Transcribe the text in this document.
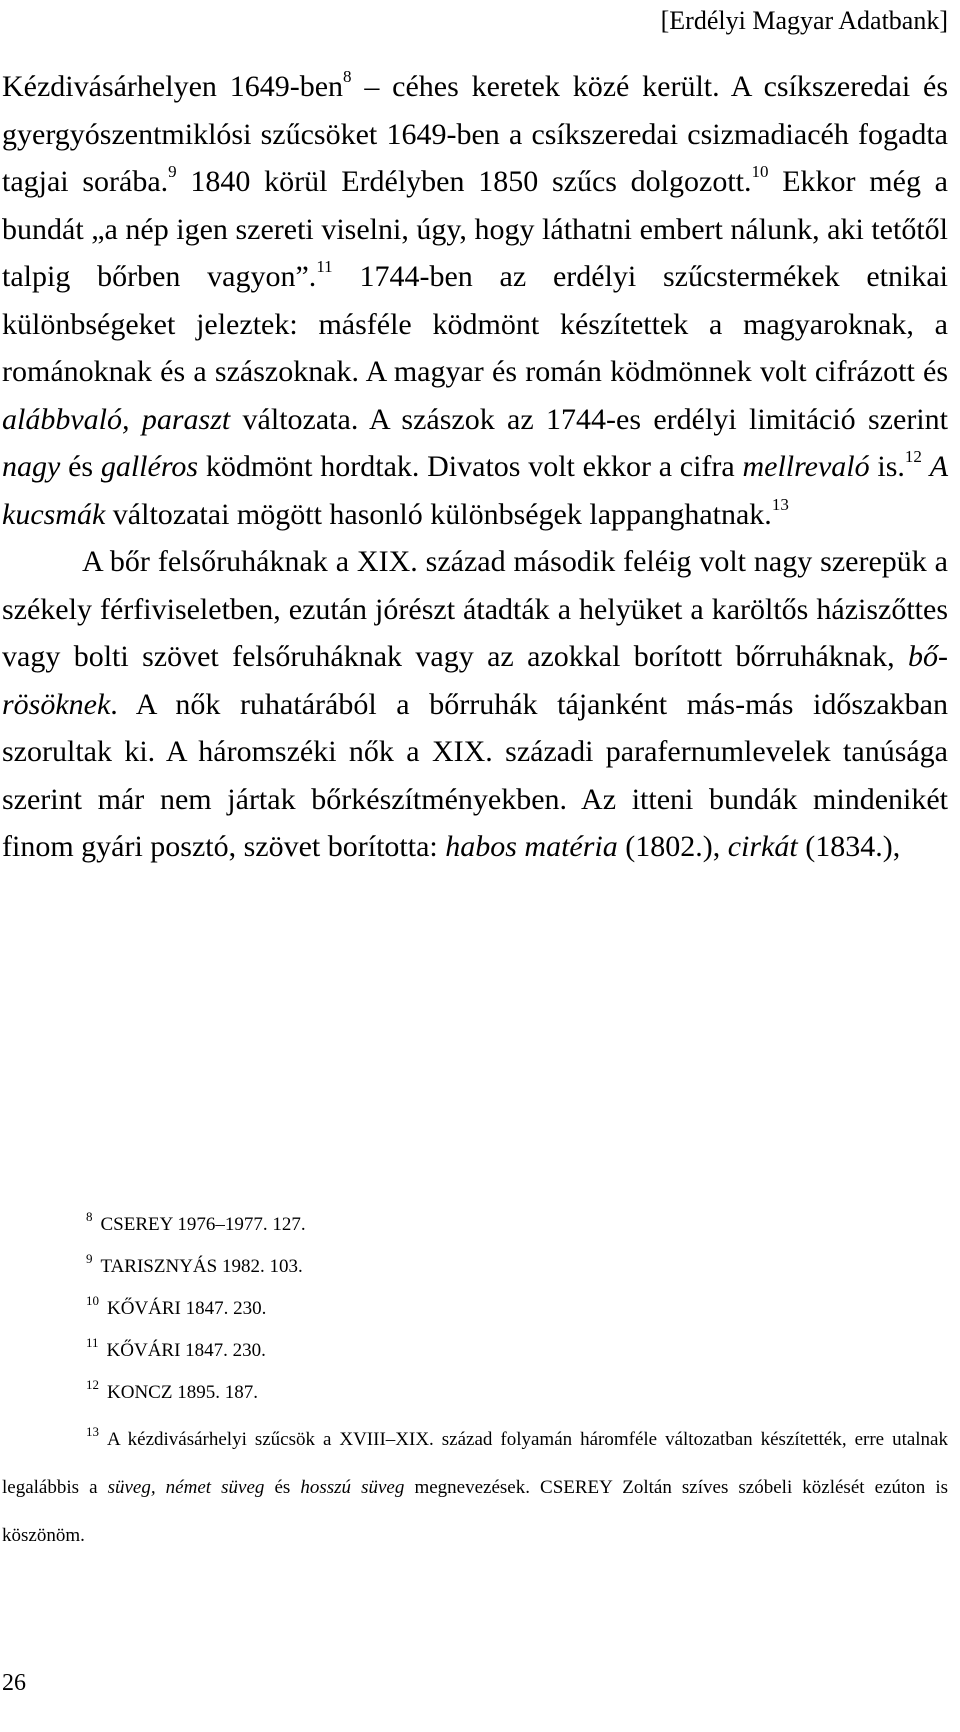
[Erdélyi Magyar Adatbank]

Kézdivásárhelyen 1649-ben$^8$ – céhes keretek közé került. A csíkszeredai és gyergyószentmiklósi szűcsöket 1649-ben a csíkszeredai csizmadiacéh fogadta tagjai sorába.$^9$ 1840 körül Erdélyben 1850 szűcs dolgozott.$^{10}$ Ekkor még a bundát „a nép igen szereti viselni, úgy, hogy láthatni embert nálunk, aki tetőtől talpig bőrben vagyon”.$^{11}$ 1744-ben az erdélyi szűcstermékek etnikai különbségeket jeleztek: másféle ködmönt készítettek a magyaroknak, a románoknak és a szászoknak. A magyar és román ködmönnek volt cifrázott és alábbvaló, paraszt változata. A szászok az 1744-es erdélyi limitáció szerint nagy és galléros ködmönt hordtak. Divatos volt ekkor a cifra mellrevaló is.$^{12}$ A kucsmák változatai mögött hasonló különbségek lappanghatnak.$^{13}$

A bőr felsőruháknak a XIX. század második feléig volt nagy szerepük a székely férfiviseletben, ezután jórészt átadták a helyüket a karöltős háziszőttes vagy bolti szövet felsőruháknak vagy az azokkal borított bőrruháknak, bőrösöknek. A nők ruhatárából a bőrruhák tájanként más-más időszakban szorultak ki. A háromszéki nők a XIX. századi parafernumlevelek tanúsága szerint már nem jártak bőrkészítményekben. Az itteni bundák mindenikét finom gyári posztó, szövet borította: habos matéria (1802.), cirkát (1834.),

$^8$ CSEREY 1976–1977. 127.

$^9$ TARISZNYÁS 1982. 103.

$^{10}$ KŐVÁRI 1847. 230.

$^{11}$ KŐVÁRI 1847. 230.

$^{12}$ KONCZ 1895. 187.

$^{13}$ A kézdivásárhelyi szűcsök a XVIII–XIX. század folyamán háromféle változatban készítették, erre utalnak legalábbis a süveg, német süveg és hosszú süveg megnevezések. CSEREY Zoltán szíves szóbeli közlését ezúton is köszönöm.

26
